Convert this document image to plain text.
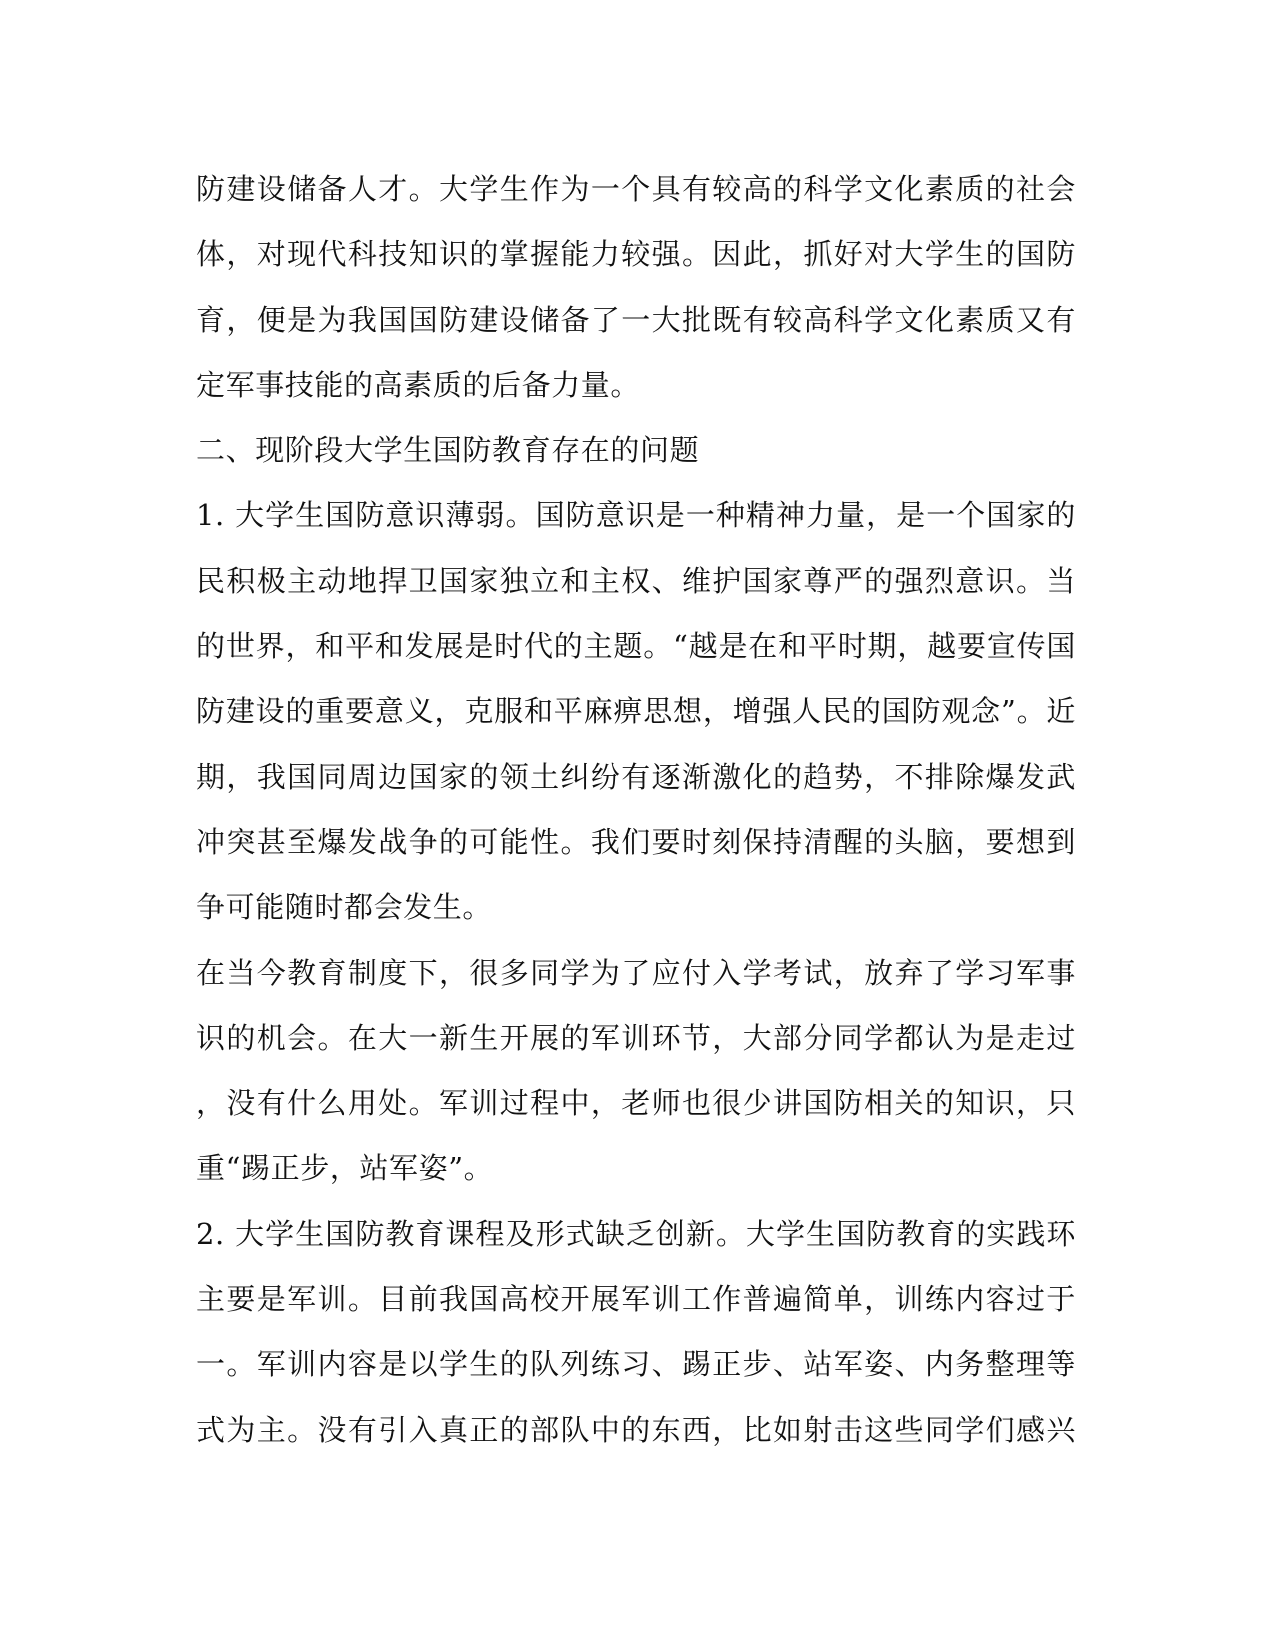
防建设储备人才。大学生作为一个具有较高的科学文化素质的社会
体，对现代科技知识的掌握能力较强。因此，抓好对大学生的国防
育，便是为我国国防建设储备了一大批既有较高科学文化素质又有
定军事技能的高素质的后备力量。
二、现阶段大学生国防教育存在的问题
1. 大学生国防意识薄弱。国防意识是一种精神力量，是一个国家的
民积极主动地捍卫国家独立和主权、维护国家尊严的强烈意识。当
的世界，和平和发展是时代的主题。“越是在和平时期，越要宣传国
防建设的重要意义，克服和平麻痹思想，增强人民的国防观念”。近
期，我国同周边国家的领土纠纷有逐渐激化的趋势，不排除爆发武
冲突甚至爆发战争的可能性。我们要时刻保持清醒的头脑，要想到
争可能随时都会发生。
在当今教育制度下，很多同学为了应付入学考试，放弃了学习军事
识的机会。在大一新生开展的军训环节，大部分同学都认为是走过
，没有什么用处。军训过程中，老师也很少讲国防相关的知识，只
重“踢正步，站军姿”。
2. 大学生国防教育课程及形式缺乏创新。大学生国防教育的实践环
主要是军训。目前我国高校开展军训工作普遍简单，训练内容过于
一。军训内容是以学生的队列练习、踢正步、站军姿、内务整理等
式为主。没有引入真正的部队中的东西，比如射击这些同学们感兴
